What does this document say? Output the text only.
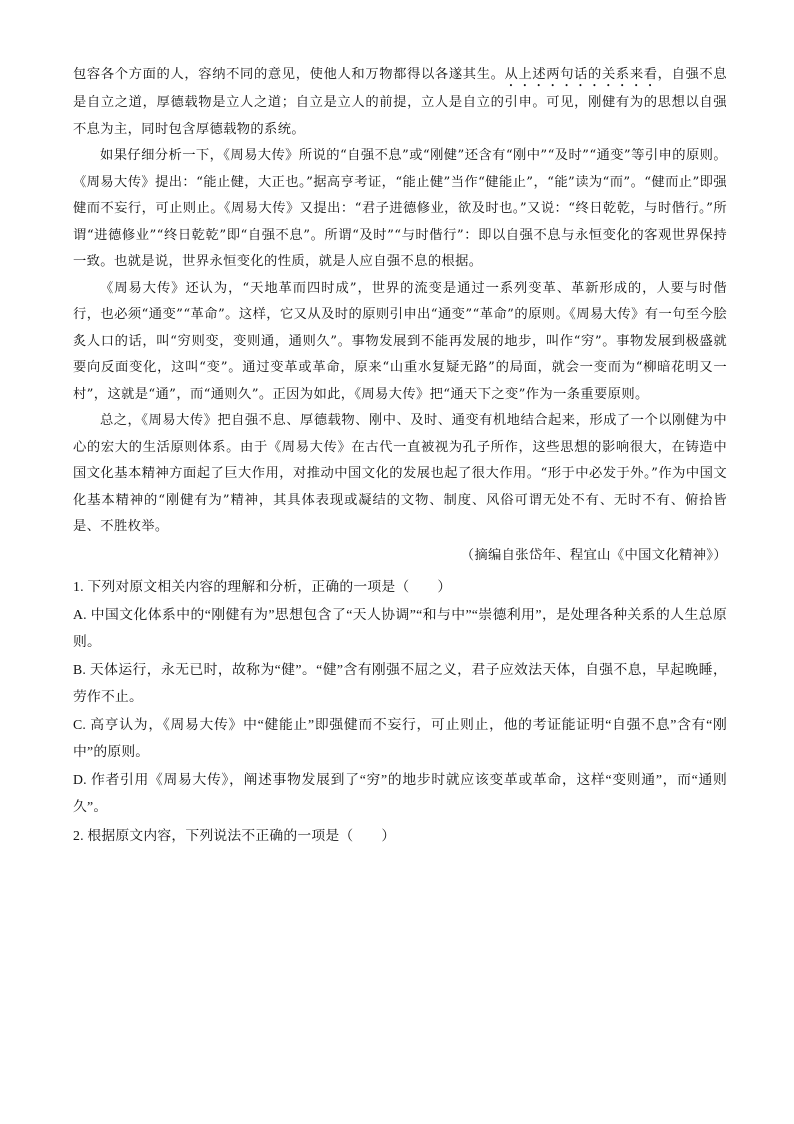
包容各个方面的人，容纳不同的意见，使他人和万物都得以各遂其生。从上述两句话的关系来看，自强不息是自立之道，厚德载物是立人之道；自立是立人的前提，立人是自立的引申。可见，刚健有为的思想以自强不息为主，同时包含厚德载物的系统。

如果仔细分析一下，《周易大传》所说的“自强不息”或“刚健”还含有“刚中”“及时”“通变”等引申的原则。《周易大传》提出：“能止健，大正也。”据高亨考证，“能止健”当作“健能止”，“能”读为“而”。“健而止”即强健而不妄行，可止则止。《周易大传》又提出：“君子进德修业，欲及时也。”又说：“终日乾乾，与时偕行。”所谓“进德修业”“终日乾乾”即“自强不息”。所谓“及时”“与时偕行”：即以自强不息与永恒变化的客观世界保持一致。也就是说，世界永恒变化的性质，就是人应自强不息的根据。

《周易大传》还认为，“天地革而四时成”，世界的流变是通过一系列变革、革新形成的，人要与时偕行，也必须“通变”“革命”。这样，它又从及时的原则引申出“通变”“革命”的原则。《周易大传》有一句至今脍炙人口的话，叫“穷则变，变则通，通则久”。事物发展到不能再发展的地步，叫作“穷”。事物发展到极盛就要向反面变化，这叫“变”。通过变革或革命，原来“山重水复疑无路”的局面，就会一变而为“柳暗花明又一村”，这就是“通”，而“通则久”。正因为如此，《周易大传》把“通天下之变”作为一条重要原则。

总之，《周易大传》把自强不息、厚德载物、刚中、及时、通变有机地结合起来，形成了一个以刚健为中心的宏大的生活原则体系。由于《周易大传》在古代一直被视为孔子所作，这些思想的影响很大，在铸造中国文化基本精神方面起了巨大作用，对推动中国文化的发展也起了很大作用。“形于中必发于外。”作为中国文化基本精神的“刚健有为”精神，其具体表现或凝结的文物、制度、风俗可谓无处不有、无时不有、俯拾皆是、不胜枚举。

（摘编自张岱年、程宜山《中国文化精神》）

1. 下列对原文相关内容的理解和分析，正确的一项是（　　）

A. 中国文化体系中的“刚健有为”思想包含了“天人协调”“和与中”“崇德利用”，是处理各种关系的人生总原则。

B. 天体运行，永无已时，故称为“健”。“健”含有刚强不屈之义，君子应效法天体，自强不息，早起晚睡，劳作不止。

C. 高亨认为，《周易大传》中“健能止”即强健而不妄行，可止则止，他的考证能证明“自强不息”含有“刚中”的原则。

D. 作者引用《周易大传》，阐述事物发展到了“穷”的地步时就应该变革或革命，这样“变则通”，而“通则久”。

2. 根据原文内容，下列说法不正确的一项是（　　）
